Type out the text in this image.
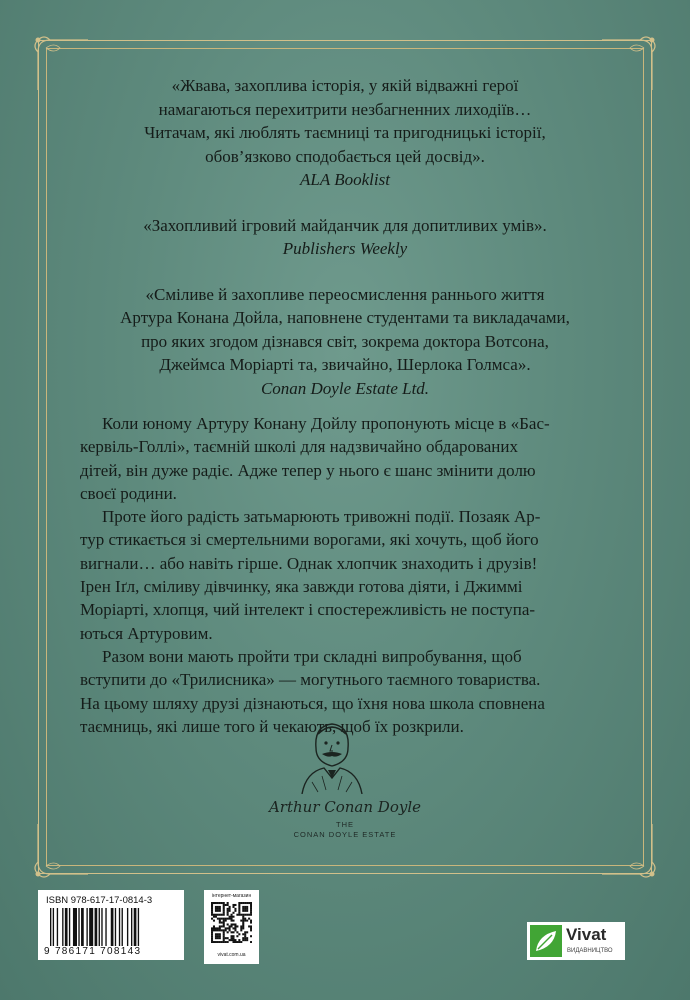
«Жвава, захоплива історія, у якій відважні герої
намагаються перехитрити незбагненних лиходіїв…
Читачам, які люблять таємниці та пригодницькі історії,
обов’язково сподобається цей досвід».
ALA Booklist
«Захопливий ігровий майданчик для допитливих умів».
Publishers Weekly
«Сміливе й захопливе переосмислення раннього життя
Артура Конана Дойла, наповнене студентами та викладачами,
про яких згодом дізнався світ, зокрема доктора Вотсона,
Джеймса Моріарті та, звичайно, Шерлока Голмса».
Conan Doyle Estate Ltd.

Коли юному Артуру Конану Дойлу пропонують місце в «Бас-
кервіль-Голлі», таємній школі для надзвичайно обдарованих
дітей, він дуже радіє. Адже тепер у нього є шанс змінити долю
своєї родини.

Проте його радість затьмарюють тривожні події. Позаяк Ар-
тур стикається зі смертельними ворогами, які хочуть, щоб його
вигнали… або навіть гірше. Однак хлопчик знаходить і друзів!
Ірен Іґл, сміливу дівчинку, яка завжди готова діяти, і Джиммі
Моріарті, хлопця, чий інтелект і спостережливість не поступа-
ються Артуровим.

Разом вони мають пройти три складні випробування, щоб
вступити до «Трилисника» — могутнього таємного товариства.
На цьому шляху друзі дізнаються, що їхня нова школа сповнена
таємниць, які лише того й чекають, щоб їх розкрили.

Arthur Conan Doyle
THE
CONAN DOYLE ESTATE
ISBN 978-617-17-0814-3
9 786171 708143
інтернет-магазин
vivat.com.ua
Vivat
ВИДАВНИЦТВО
